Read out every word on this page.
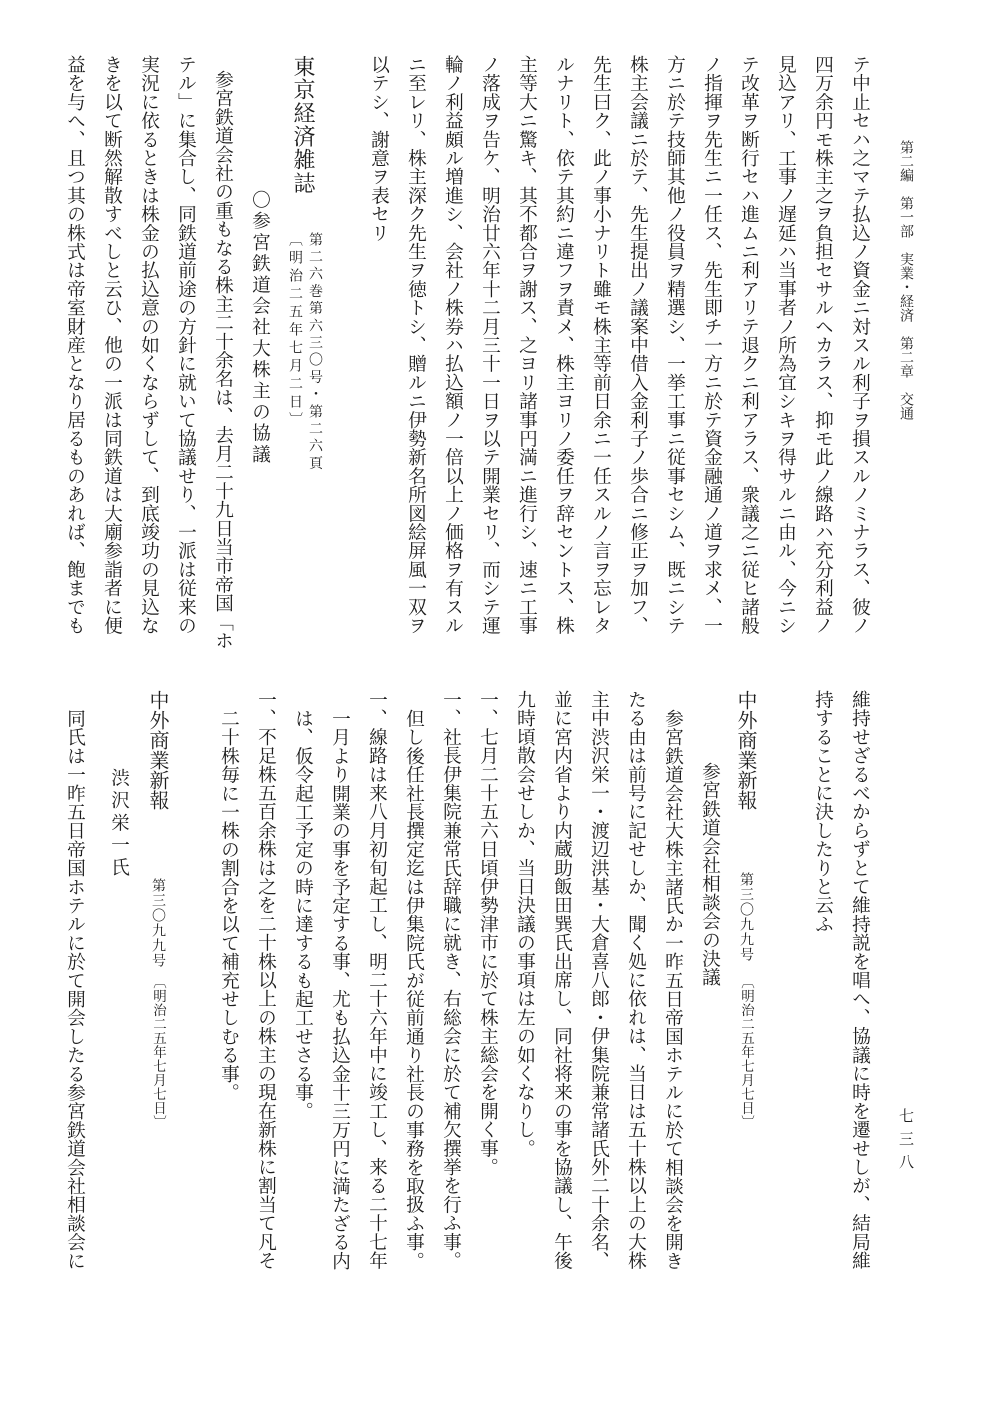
第二編　第一部　実業・経済　第二章　交通
七三八
テ中止セハ之マテ払込ノ資金ニ対スル利子ヲ損スルノミナラス、彼ノ
四万余円モ株主之ヲ負担セサルヘカラス、抑モ此ノ線路ハ充分利益ノ
見込アリ、工事ノ遅延ハ当事者ノ所為宜シキヲ得サルニ由ル、今ニシ
テ改革ヲ断行セハ進ムニ利アリテ退クニ利アラス、衆議之ニ従ヒ諸般
ノ指揮ヲ先生ニ一任ス、先生即チ一方ニ於テ資金融通ノ道ヲ求メ、一
方ニ於テ技師其他ノ役員ヲ精選シ、一挙工事ニ従事セシム、既ニシテ
株主会議ニ於テ、先生提出ノ議案中借入金利子ノ歩合ニ修正ヲ加フ、
先生曰ク、此ノ事小ナリト雖モ株主等前日余ニ一任スルノ言ヲ忘レタ
ルナリト、依テ其約ニ違フヲ責メ、株主ヨリノ委任ヲ辞セントス、株
主等大ニ驚キ、其不都合ヲ謝ス、之ヨリ諸事円満ニ進行シ、速ニ工事
ノ落成ヲ告ケ、明治廿六年十二月三十一日ヲ以テ開業セリ、而シテ運
輪ノ利益頗ル増進シ、会社ノ株券ハ払込額ノ一倍以上ノ価格ヲ有スル
ニ至レリ、株主深ク先生ヲ徳トシ、贈ルニ伊勢新名所図絵屏風一双ヲ
以テシ、謝意ヲ表セリ
東京経済雑誌
第二六巻第六三〇号・第二六頁
〔明治二五年七月二日〕
〇参宮鉄道会社大株主の協議
参宮鉄道会社の重もなる株主二十余名は、去月二十九日当市帝国「ホ
テル」に集合し、同鉄道前途の方針に就いて協議せり、一派は従来の
実況に依るときは株金の払込意の如くならずして、到底竣功の見込な
きを以て断然解散すべしと云ひ、他の一派は同鉄道は大廟参詣者に便
益を与へ、且つ其の株式は帝室財産となり居るものあれば、飽までも
維持せざるべからずとて維持説を唱へ、協議に時を遷せしが、結局維
持することに決したりと云ふ
中外商業新報
第三〇九九号
〔明治二五年七月七日〕
参宮鉄道会社相談会の決議
参宮鉄道会社大株主諸氏か一昨五日帝国ホテルに於て相談会を開き
たる由は前号に記せしか、聞く処に依れは、当日は五十株以上の大株
主中渋沢栄一・渡辺洪基・大倉喜八郎・伊集院兼常諸氏外二十余名、
並に宮内省より内蔵助飯田巽氏出席し、同社将来の事を協議し、午後
九時頃散会せしか、当日決議の事項は左の如くなりし。
一、七月二十五六日頃伊勢津市に於て株主総会を開く事。
一、社長伊集院兼常氏辞職に就き、右総会に於て補欠撰挙を行ふ事。
但し後任社長撰定迄は伊集院氏が従前通り社長の事務を取扱ふ事。
一、線路は来八月初旬起工し、明二十六年中に竣工し、来る二十七年
一月より開業の事を予定する事、尤も払込金十三万円に満たざる内
は、仮令起工予定の時に達するも起工せさる事。
一、不足株五百余株は之を二十株以上の株主の現在新株に割当て凡そ
二十株毎に一株の割合を以て補充せしむる事。
中外商業新報
第三〇九九号
〔明治二五年七月七日〕
渋沢栄一氏
同氏は一昨五日帝国ホテルに於て開会したる参宮鉄道会社相談会に
